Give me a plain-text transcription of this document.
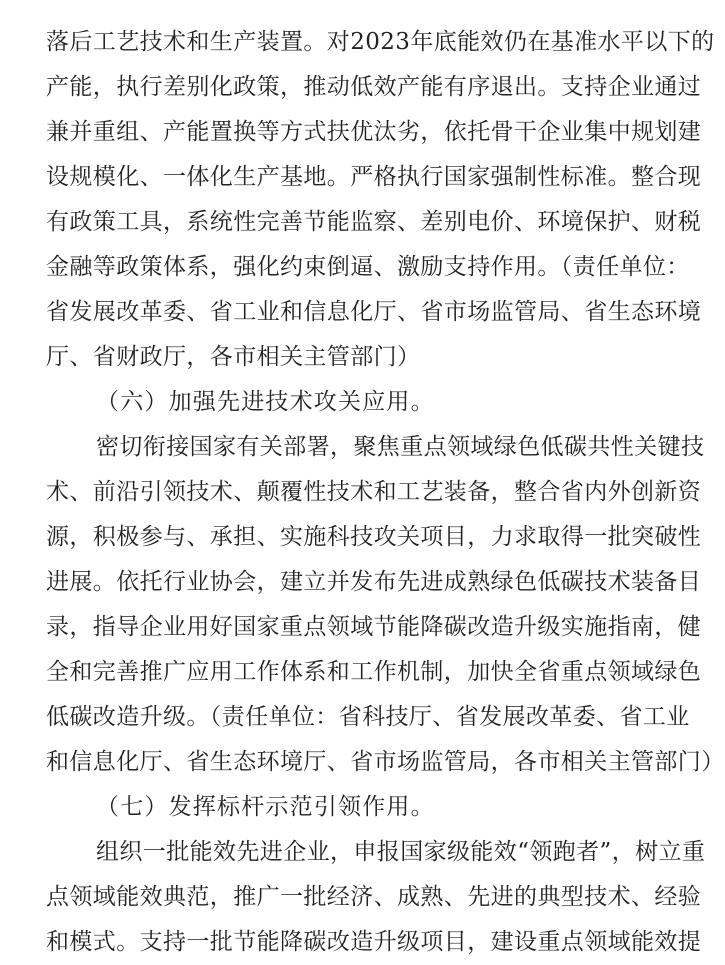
落后工艺技术和生产装置。对2023年底能效仍在基准水平以下的
产能，执行差别化政策，推动低效产能有序退出。支持企业通过
兼并重组、产能置换等方式扶优汰劣，依托骨干企业集中规划建
设规模化、一体化生产基地。严格执行国家强制性标准。整合现
有政策工具，系统性完善节能监察、差别电价、环境保护、财税
金融等政策体系，强化约束倒逼、激励支持作用。（责任单位：
省发展改革委、省工业和信息化厅、省市场监管局、省生态环境
厅、省财政厅，各市相关主管部门）
（六）加强先进技术攻关应用。
密切衔接国家有关部署，聚焦重点领域绿色低碳共性关键技
术、前沿引领技术、颠覆性技术和工艺装备，整合省内外创新资
源，积极参与、承担、实施科技攻关项目，力求取得一批突破性
进展。依托行业协会，建立并发布先进成熟绿色低碳技术装备目
录，指导企业用好国家重点领域节能降碳改造升级实施指南，健
全和完善推广应用工作体系和工作机制，加快全省重点领域绿色
低碳改造升级。（责任单位：省科技厅、省发展改革委、省工业
和信息化厅、省生态环境厅、省市场监管局，各市相关主管部门）
（七）发挥标杆示范引领作用。
组织一批能效先进企业，申报国家级能效“领跑者”，树立重
点领域能效典范，推广一批经济、成熟、先进的典型技术、经验
和模式。支持一批节能降碳改造升级项目，建设重点领域能效提
